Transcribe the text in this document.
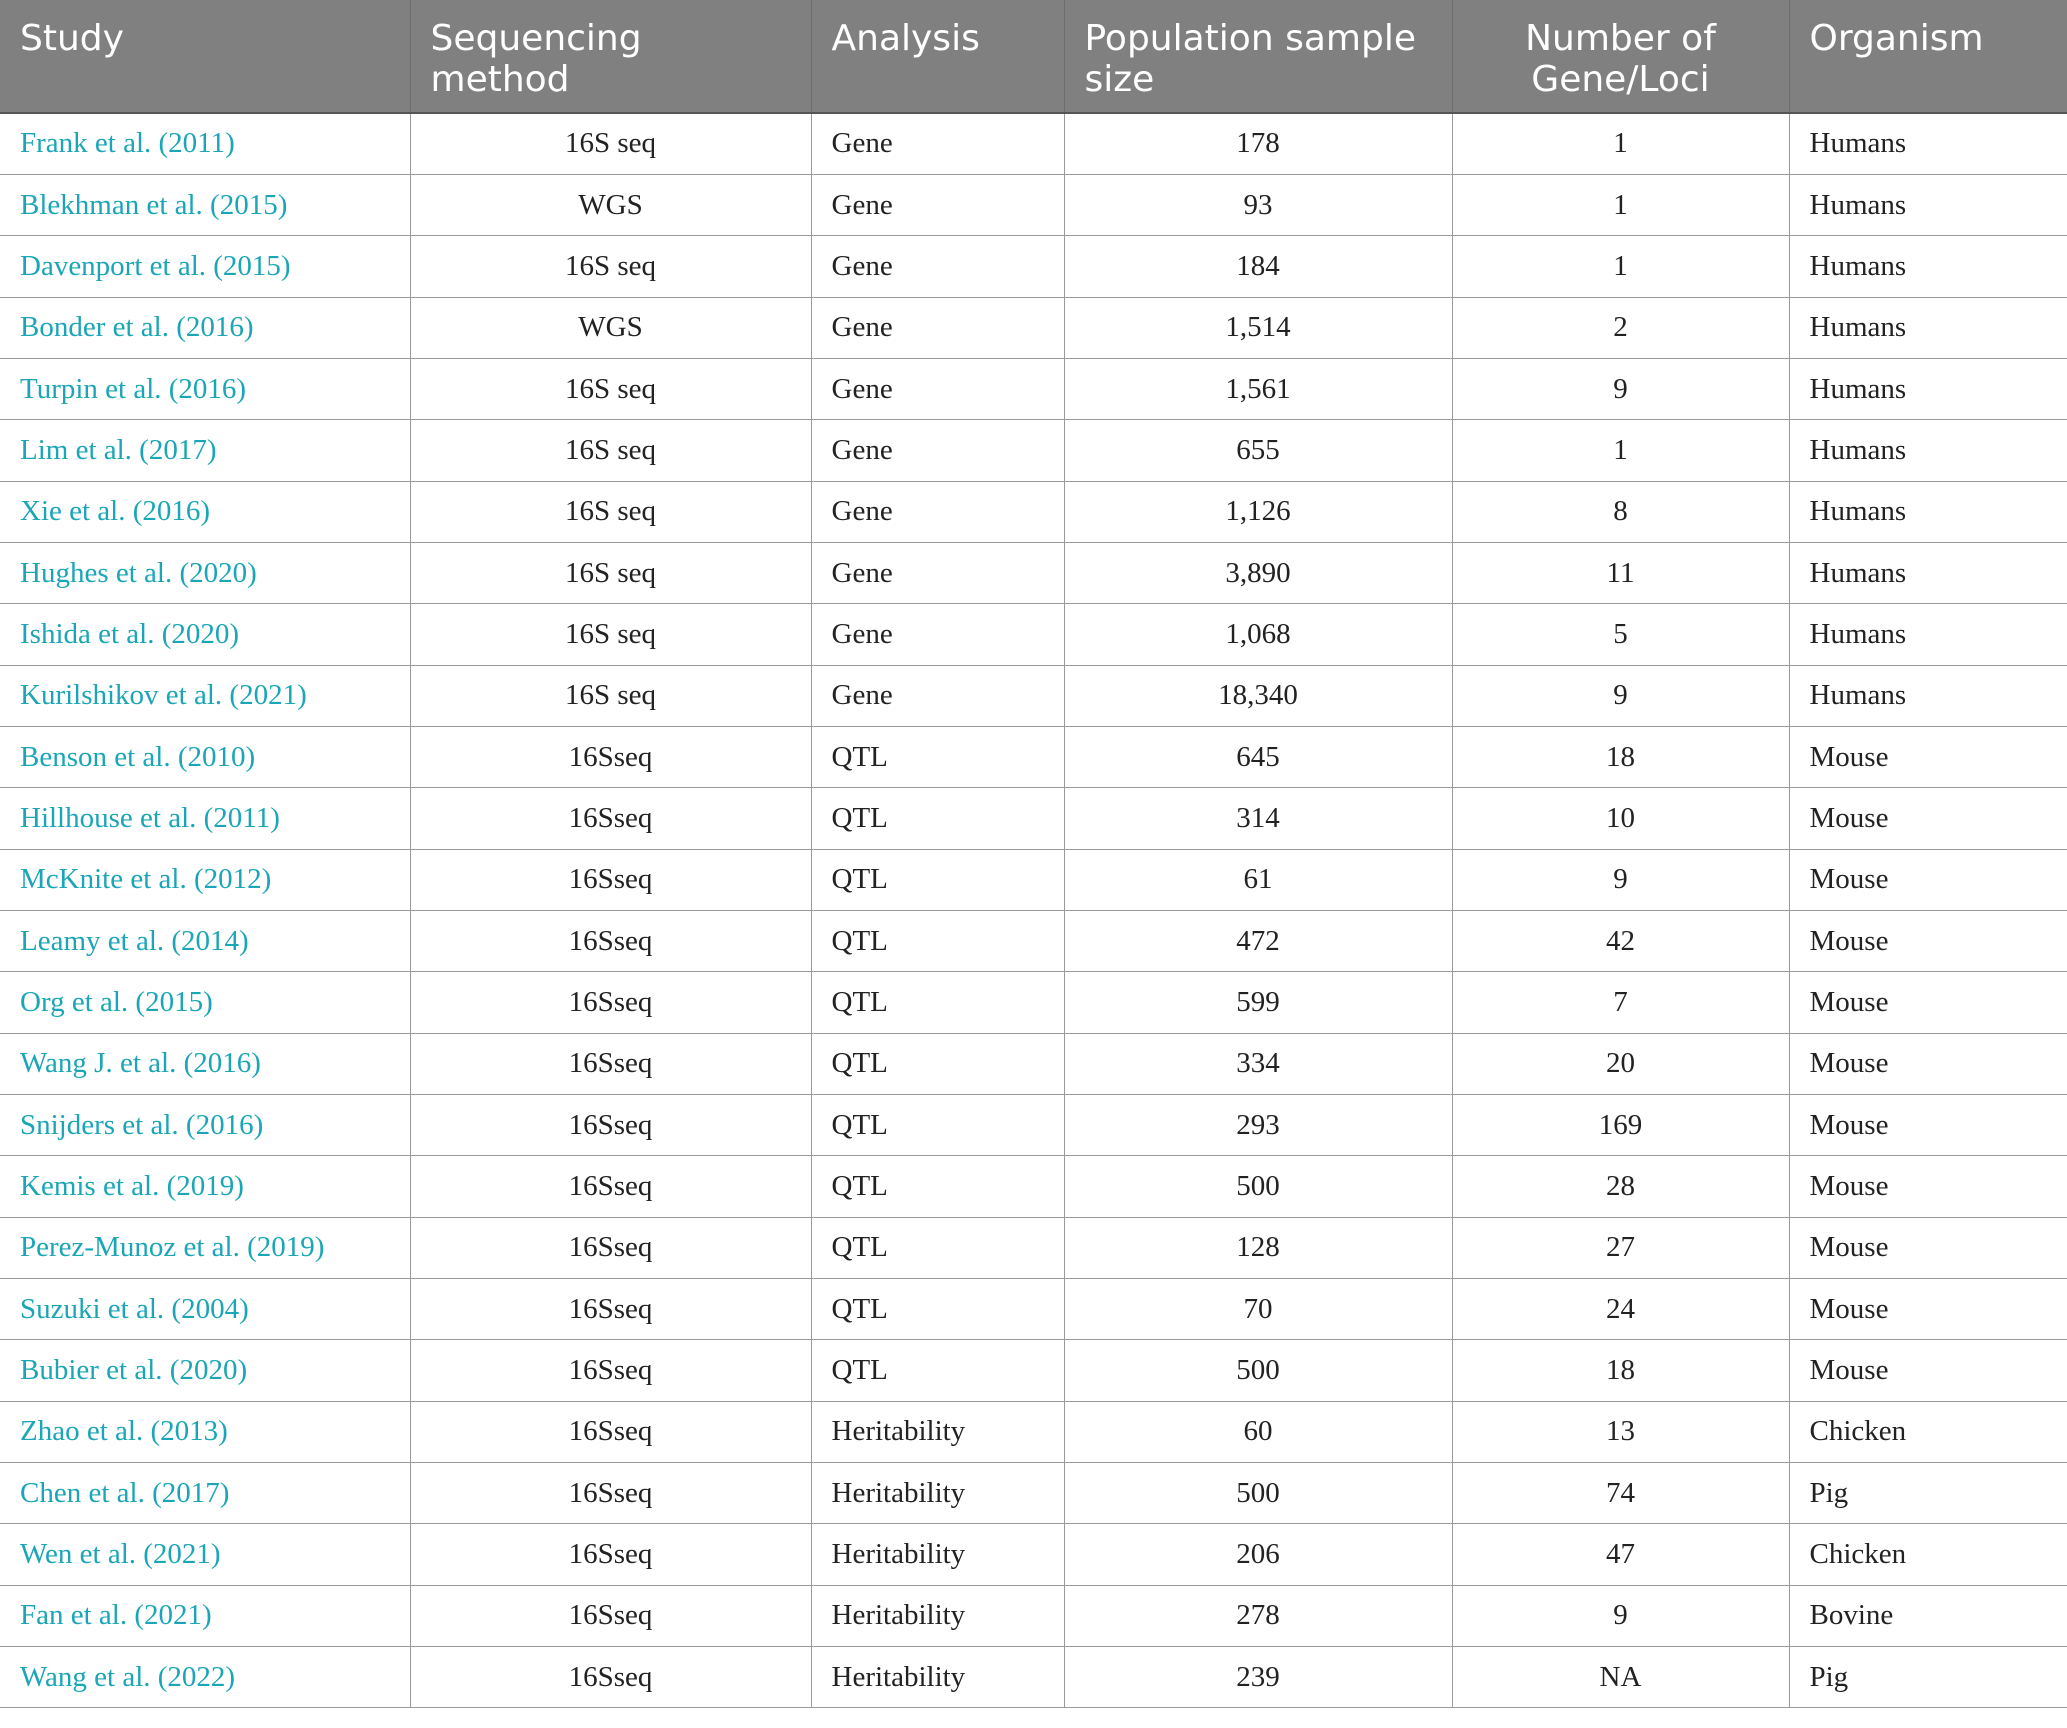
Study	Sequencing method	Analysis	Population sample size	Number of Gene/Loci	Organism
Frank et al. (2011)	16S seq	Gene	178	1	Humans
Blekhman et al. (2015)	WGS	Gene	93	1	Humans
Davenport et al. (2015)	16S seq	Gene	184	1	Humans
Bonder et al. (2016)	WGS	Gene	1,514	2	Humans
Turpin et al. (2016)	16S seq	Gene	1,561	9	Humans
Lim et al. (2017)	16S seq	Gene	655	1	Humans
Xie et al. (2016)	16S seq	Gene	1,126	8	Humans
Hughes et al. (2020)	16S seq	Gene	3,890	11	Humans
Ishida et al. (2020)	16S seq	Gene	1,068	5	Humans
Kurilshikov et al. (2021)	16S seq	Gene	18,340	9	Humans
Benson et al. (2010)	16Sseq	QTL	645	18	Mouse
Hillhouse et al. (2011)	16Sseq	QTL	314	10	Mouse
McKnite et al. (2012)	16Sseq	QTL	61	9	Mouse
Leamy et al. (2014)	16Sseq	QTL	472	42	Mouse
Org et al. (2015)	16Sseq	QTL	599	7	Mouse
Wang J. et al. (2016)	16Sseq	QTL	334	20	Mouse
Snijders et al. (2016)	16Sseq	QTL	293	169	Mouse
Kemis et al. (2019)	16Sseq	QTL	500	28	Mouse
Perez-Munoz et al. (2019)	16Sseq	QTL	128	27	Mouse
Suzuki et al. (2004)	16Sseq	QTL	70	24	Mouse
Bubier et al. (2020)	16Sseq	QTL	500	18	Mouse
Zhao et al. (2013)	16Sseq	Heritability	60	13	Chicken
Chen et al. (2017)	16Sseq	Heritability	500	74	Pig
Wen et al. (2021)	16Sseq	Heritability	206	47	Chicken
Fan et al. (2021)	16Sseq	Heritability	278	9	Bovine
Wang et al. (2022)	16Sseq	Heritability	239	NA	Pig
